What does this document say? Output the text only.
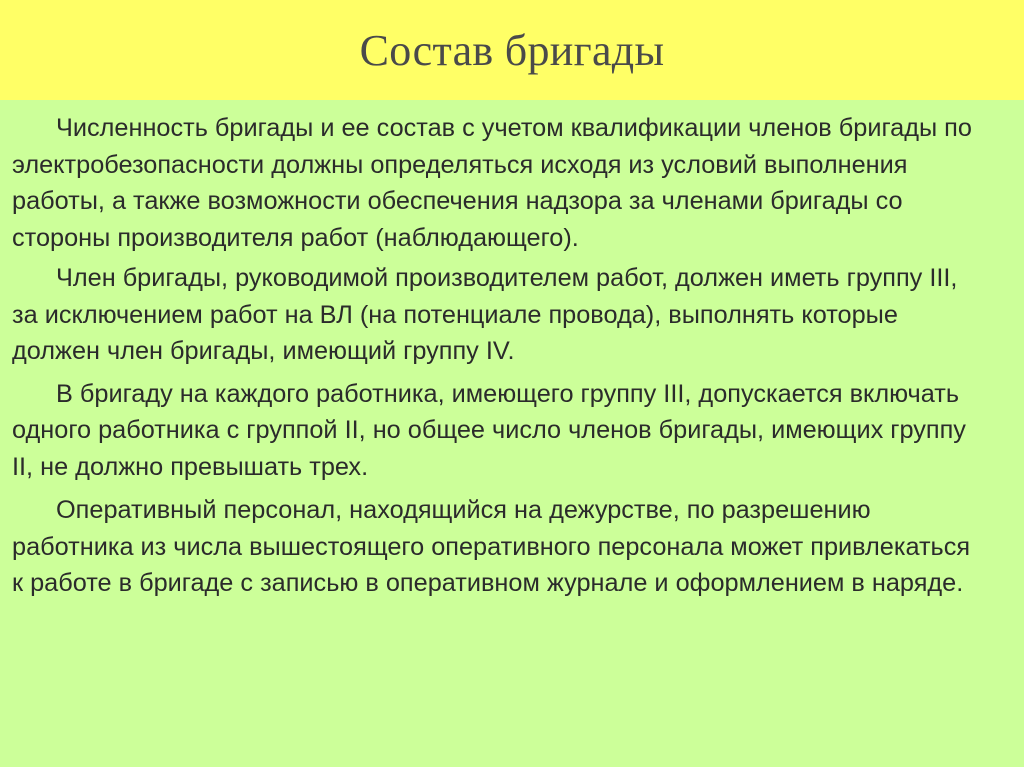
Состав бригады

Численность бригады и ее состав с учетом квалификации членов бригады по электробезопасности должны определяться исходя из условий выполнения работы, а также возможности обеспечения надзора за членами бригады со стороны производителя работ (наблюдающего).

Член бригады, руководимой производителем работ, должен иметь группу III, за исключением работ на ВЛ (на потенциале провода), выполнять которые должен член бригады, имеющий группу IV.

В бригаду на каждого работника, имеющего группу III, допускается включать одного работника с группой II, но общее число членов бригады, имеющих группу II, не должно превышать трех.

Оперативный персонал, находящийся на дежурстве, по разрешению работника из числа вышестоящего оперативного персонала может привлекаться к работе в бригаде с записью в оперативном журнале и оформлением в наряде.
